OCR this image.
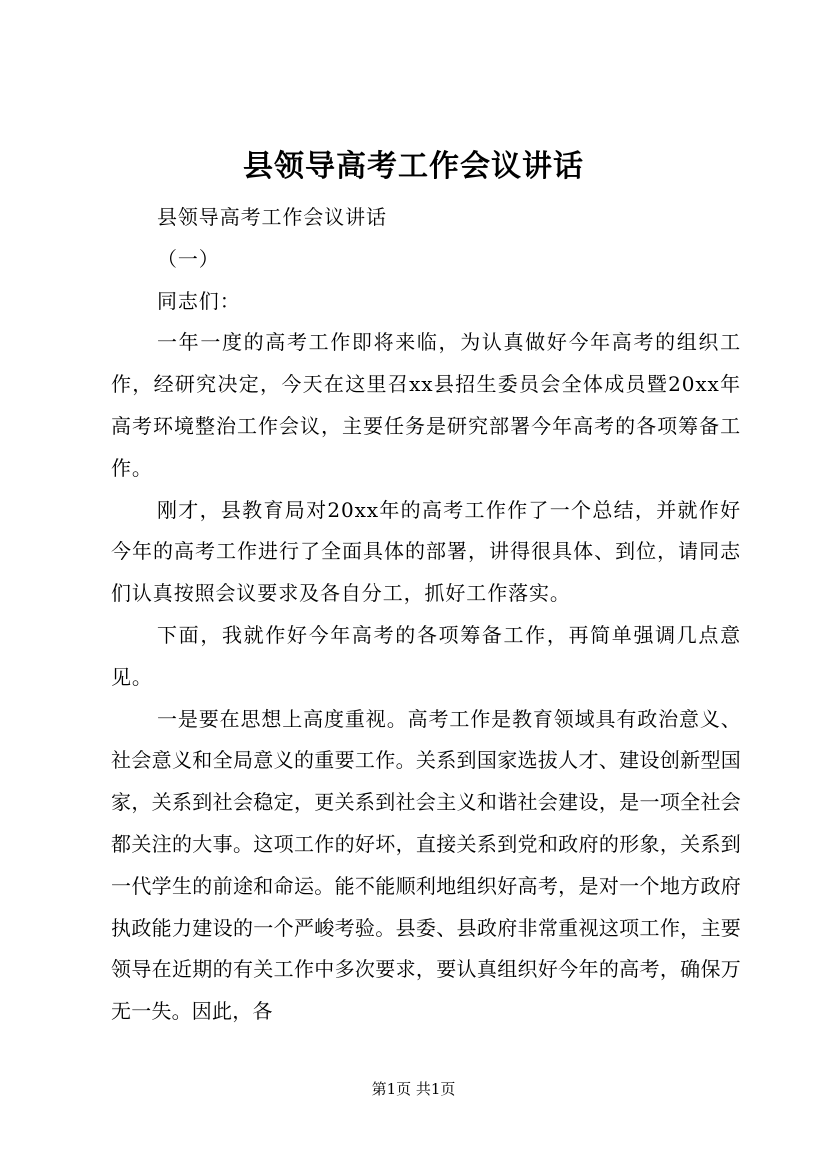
县领导高考工作会议讲话

县领导高考工作会议讲话

（一）

同志们：

一年一度的高考工作即将来临，为认真做好今年高考的组织工作，经研究决定，今天在这里召xx县招生委员会全体成员暨20xx年高考环境整治工作会议，主要任务是研究部署今年高考的各项筹备工作。

刚才，县教育局对20xx年的高考工作作了一个总结，并就作好今年的高考工作进行了全面具体的部署，讲得很具体、到位，请同志们认真按照会议要求及各自分工，抓好工作落实。

下面，我就作好今年高考的各项筹备工作，再简单强调几点意见。

一是要在思想上高度重视。高考工作是教育领域具有政治意义、社会意义和全局意义的重要工作。关系到国家选拔人才、建设创新型国家，关系到社会稳定，更关系到社会主义和谐社会建设，是一项全社会都关注的大事。这项工作的好坏，直接关系到党和政府的形象，关系到一代学生的前途和命运。能不能顺利地组织好高考，是对一个地方政府执政能力建设的一个严峻考验。县委、县政府非常重视这项工作，主要领导在近期的有关工作中多次要求，要认真组织好今年的高考，确保万无一失。因此，各

第1页 共1页
